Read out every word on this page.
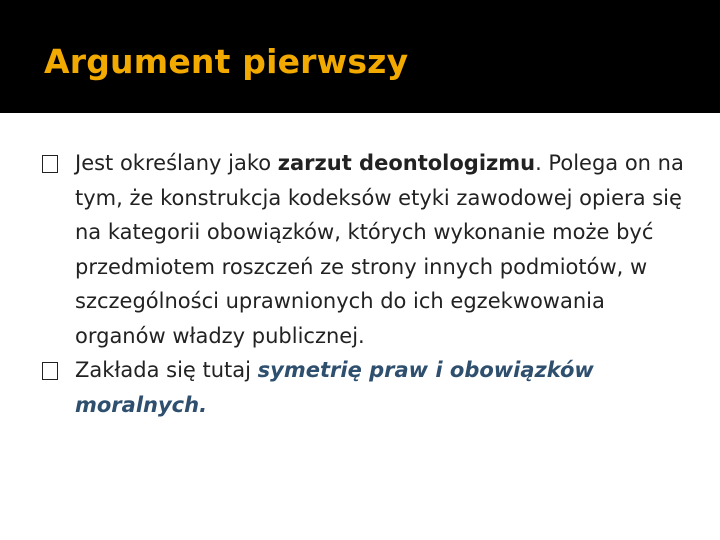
Argument pierwszy

Jest określany jako zarzut deontologizmu. Polega on na tym, że konstrukcja kodeksów etyki zawodowej opiera się na kategorii obowiązków, których wykonanie może być przedmiotem roszczeń ze strony innych podmiotów, w szczególności uprawnionych do ich egzekwowania organów władzy publicznej.

Zakłada się tutaj symetrię praw i obowiązków moralnych.
